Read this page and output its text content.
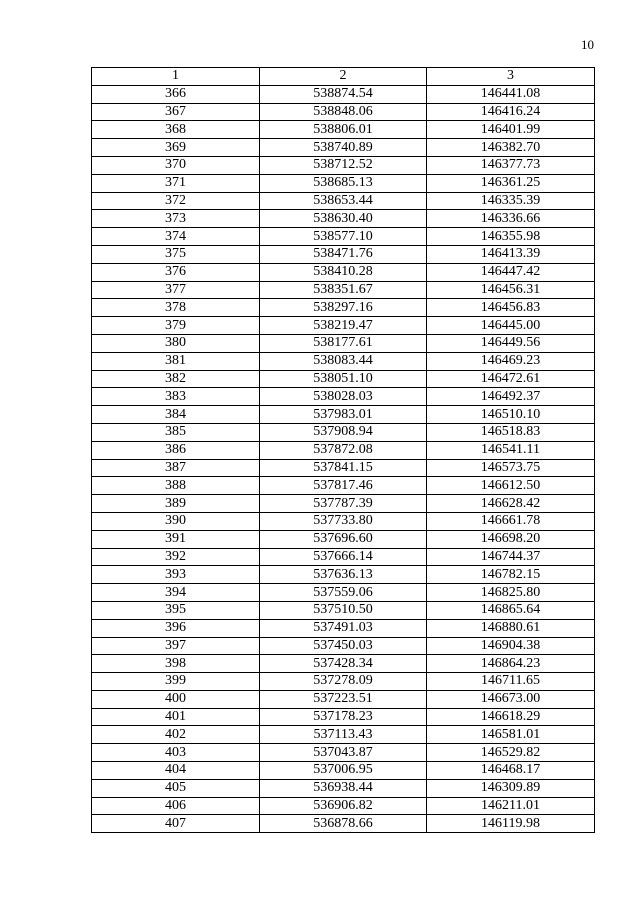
10
1	2	3
366	538874.54	146441.08
367	538848.06	146416.24
368	538806.01	146401.99
369	538740.89	146382.70
370	538712.52	146377.73
371	538685.13	146361.25
372	538653.44	146335.39
373	538630.40	146336.66
374	538577.10	146355.98
375	538471.76	146413.39
376	538410.28	146447.42
377	538351.67	146456.31
378	538297.16	146456.83
379	538219.47	146445.00
380	538177.61	146449.56
381	538083.44	146469.23
382	538051.10	146472.61
383	538028.03	146492.37
384	537983.01	146510.10
385	537908.94	146518.83
386	537872.08	146541.11
387	537841.15	146573.75
388	537817.46	146612.50
389	537787.39	146628.42
390	537733.80	146661.78
391	537696.60	146698.20
392	537666.14	146744.37
393	537636.13	146782.15
394	537559.06	146825.80
395	537510.50	146865.64
396	537491.03	146880.61
397	537450.03	146904.38
398	537428.34	146864.23
399	537278.09	146711.65
400	537223.51	146673.00
401	537178.23	146618.29
402	537113.43	146581.01
403	537043.87	146529.82
404	537006.95	146468.17
405	536938.44	146309.89
406	536906.82	146211.01
407	536878.66	146119.98
